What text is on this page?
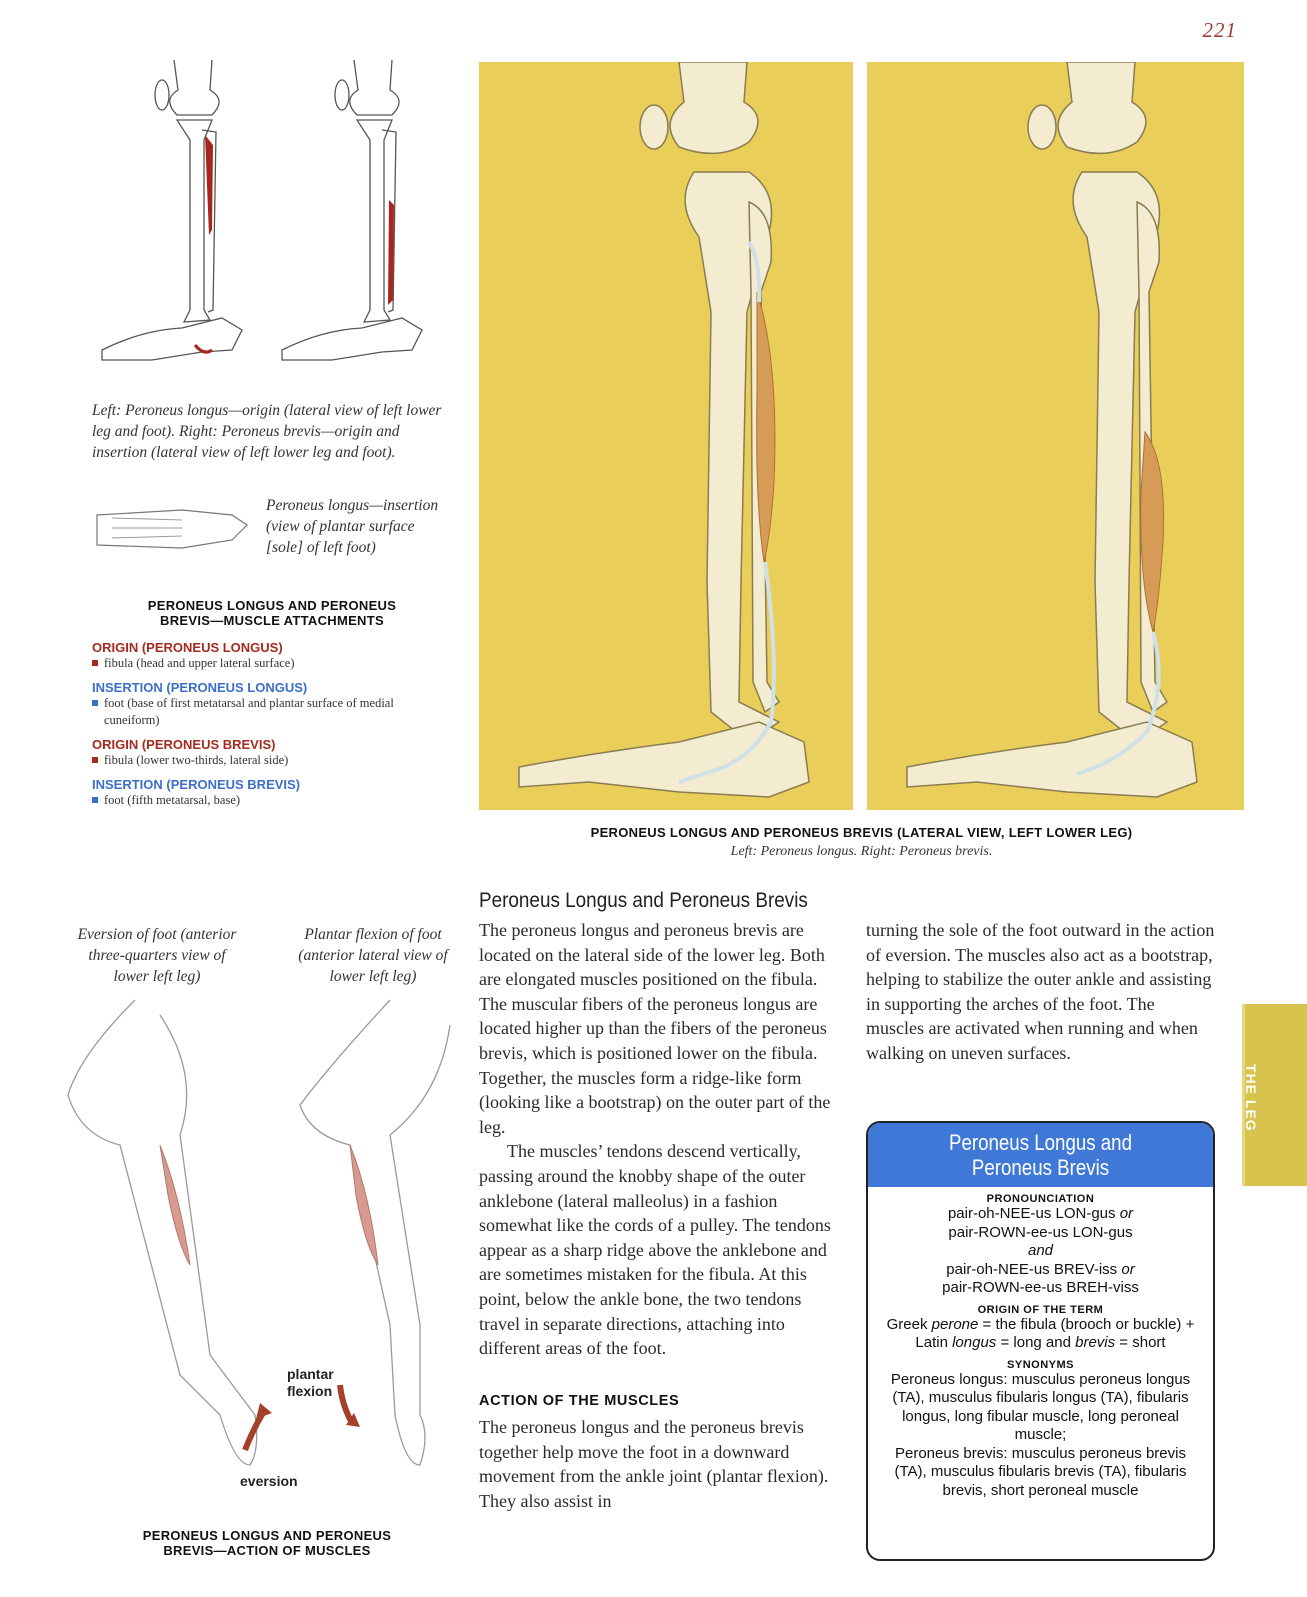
221
Left: Peroneus longus—origin (lateral view of left lower leg and foot). Right: Peroneus brevis—origin and insertion (lateral view of left lower leg and foot).
Peroneus longus—insertion (view of plantar surface [sole] of left foot)
PERONEUS LONGUS AND PERONEUS
BREVIS—MUSCLE ATTACHMENTS
ORIGIN (PERONEUS LONGUS)
fibula (head and upper lateral surface)
INSERTION (PERONEUS LONGUS)
foot (base of first metatarsal and plantar surface of medial cuneiform)
ORIGIN (PERONEUS BREVIS)
fibula (lower two-thirds, lateral side)
INSERTION (PERONEUS BREVIS)
foot (fifth metatarsal, base)
PERONEUS LONGUS AND PERONEUS BREVIS (LATERAL VIEW, LEFT LOWER LEG)
Left: Peroneus longus. Right: Peroneus brevis.
Eversion of foot (anterior three-quarters view of lower left leg)
Plantar flexion of foot (anterior lateral view of lower left leg)
plantar
flexion
eversion
PERONEUS LONGUS AND PERONEUS
BREVIS—ACTION OF MUSCLES
Peroneus Longus and Peroneus Brevis
The peroneus longus and peroneus brevis are located on the lateral side of the lower leg. Both are elongated muscles positioned on the fibula. The muscular fibers of the peroneus longus are located higher up than the fibers of the peroneus brevis, which is positioned lower on the fibula. Together, the muscles form a ridge-like form (looking like a bootstrap) on the outer part of the leg.
The muscles’ tendons descend vertically, passing around the knobby shape of the outer anklebone (lateral malleolus) in a fashion somewhat like the cords of a pulley. The tendons appear as a sharp ridge above the anklebone and are sometimes mistaken for the fibula. At this point, below the ankle bone, the two tendons travel in separate directions, attaching into different areas of the foot.
ACTION OF THE MUSCLES
The peroneus longus and the peroneus brevis together help move the foot in a downward movement from the ankle joint (plantar flexion). They also assist in
turning the sole of the foot outward in the action of eversion. The muscles also act as a bootstrap, helping to stabilize the outer ankle and assisting in supporting the arches of the foot. The muscles are activated when running and when walking on uneven surfaces.
THE LEG
Peroneus Longus and
Peroneus Brevis
PRONOUNCIATION
pair-oh-NEE-us LON-gus or
pair-ROWN-ee-us LON-gus
and
pair-oh-NEE-us BREV-iss or
pair-ROWN-ee-us BREH-viss
ORIGIN OF THE TERM
Greek perone = the fibula (brooch or buckle) + Latin longus = long and brevis = short
SYNONYMS
Peroneus longus: musculus peroneus longus (TA), musculus fibularis longus (TA), fibularis longus, long fibular muscle, long peroneal muscle;
Peroneus brevis: musculus peroneus brevis (TA), musculus fibularis brevis (TA), fibularis brevis, short peroneal muscle
